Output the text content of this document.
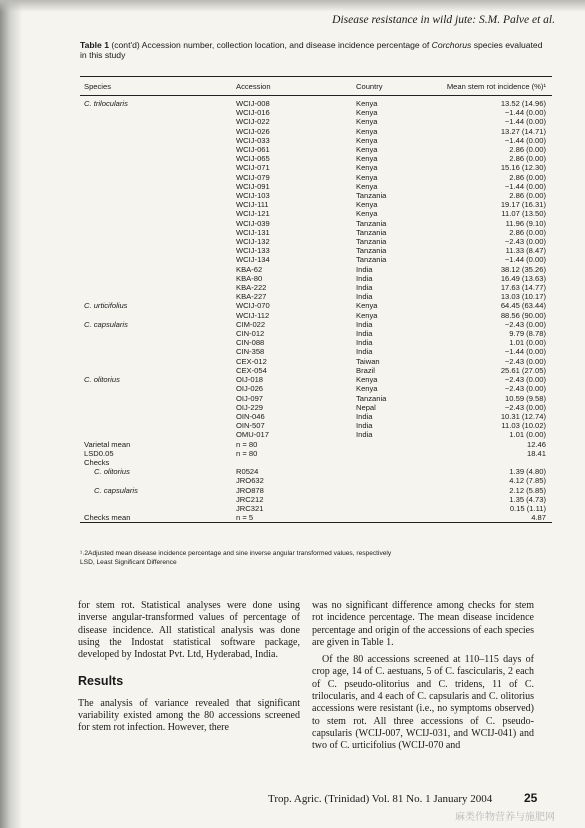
Disease resistance in wild jute: S.M. Palve et al.
Table 1 (cont'd) Accession number, collection location, and disease incidence percentage of Corchorus species evaluated in this study
Species	Accession	Country	Mean stem rot incidence (%)¹
C. trilocularis	WCIJ-008	Kenya	13.52 (14.96)
	WCIJ-016	Kenya	−1.44 (0.00)
	WCIJ-022	Kenya	−1.44 (0.00)
	WCIJ-026	Kenya	13.27 (14.71)
	WCIJ-033	Kenya	−1.44 (0.00)
	WCIJ-061	Kenya	2.86 (0.00)
	WCIJ-065	Kenya	2.86 (0.00)
	WCIJ-071	Kenya	15.16 (12.30)
	WCIJ-079	Kenya	2.86 (0.00)
	WCIJ-091	Kenya	−1.44 (0.00)
	WCIJ-103	Tanzania	2.86 (0.00)
	WCIJ-111	Kenya	19.17 (16.31)
	WCIJ-121	Kenya	11.07 (13.50)
	WCIJ-039	Tanzania	11.96 (9.10)
	WCIJ-131	Tanzania	2.86 (0.00)
	WCIJ-132	Tanzania	−2.43 (0.00)
	WCIJ-133	Tanzania	11.33 (8.47)
	WCIJ-134	Tanzania	−1.44 (0.00)
	KBA-62	India	38.12 (35.26)
	KBA-80	India	16.49 (13.63)
	KBA-222	India	17.63 (14.77)
	KBA-227	India	13.03 (10.17)
C. urticifolius	WCIJ-070	Kenya	64.45 (63.44)
	WCIJ-112	Kenya	88.56 (90.00)
C. capsularis	CIM-022	India	−2.43 (0.00)
	CIN-012	India	9.79 (8.78)
	CIN-088	India	1.01 (0.00)
	CIN-358	India	−1.44 (0.00)
	CEX-012	Taiwan	−2.43 (0.00)
	CEX-054	Brazil	25.61 (27.05)
C. olitorius	OIJ-018	Kenya	−2.43 (0.00)
	OIJ-026	Kenya	−2.43 (0.00)
	OIJ-097	Tanzania	10.59 (9.58)
	OIJ-229	Nepal	−2.43 (0.00)
	OIN-046	India	10.31 (12.74)
	OIN-507	India	11.03 (10.02)
	OMU-017	India	1.01 (0.00)
Varietal mean	n = 80		12.46
LSD0.05	n = 80		18.41
Checks			
C. olitorius	R0524		1.39 (4.80)
	JRO632		4.12 (7.85)
C. capsularis	JRO878		2.12 (5.85)
	JRC212		1.35 (4.73)
	JRC321		0.15 (1.11)
Checks mean	n = 5		4.87
¹˒2Adjusted mean disease incidence percentage and sine inverse angular transformed values, respectively
LSD, Least Significant Difference

for stem rot. Statistical analyses were done using inverse angular-transformed values of percentage of disease incidence. All statistical analysis was done using the Indostat statistical software package, developed by Indostat Pvt. Ltd, Hyderabad, India.

Results

The analysis of variance revealed that significant variability existed among the 80 accessions screened for stem rot infection. However, there

was no significant difference among checks for stem rot incidence percentage. The mean disease incidence percentage and origin of the accessions of each species are given in Table 1.

Of the 80 accessions screened at 110–115 days of crop age, 14 of C. aestuans, 5 of C. fascicularis, 2 each of C. pseudo-olitorius and C. tridens, 11 of C. trilocularis, and 4 each of C. capsularis and C. olitorius accessions were resistant (i.e., no symptoms observed) to stem rot. All three accessions of C. pseudo-capsularis (WCIJ-007, WCIJ-031, and WCIJ-041) and two of C. urticifolius (WCIJ-070 and

Trop. Agric. (Trinidad) Vol. 81 No. 1 January 2004	25
麻类作物营养与施肥网
